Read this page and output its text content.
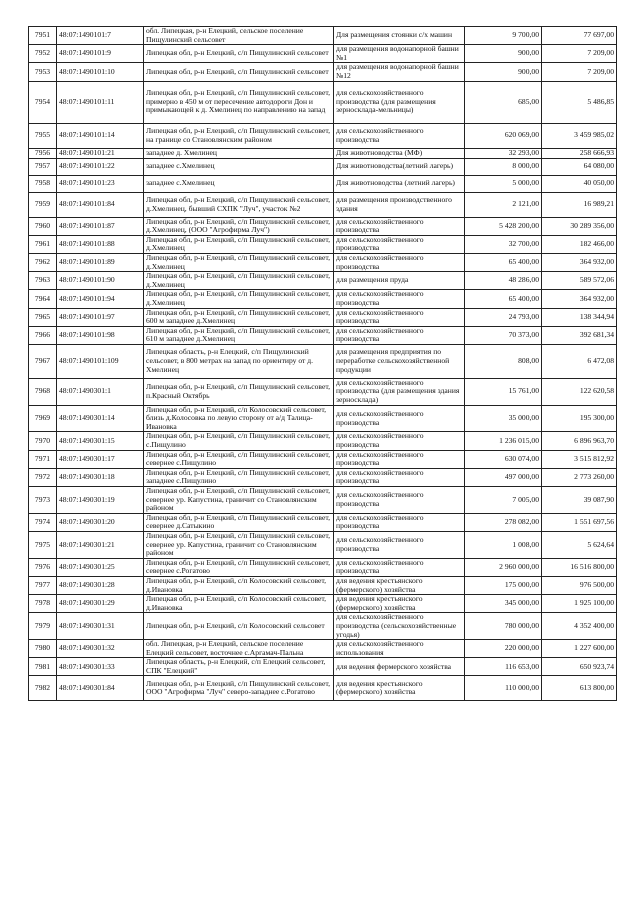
7951	48:07:1490101:7	обл. Липецкая, р-н Елецкий, сельское поселение Пищулинский сельсовет	Для размещения стоянки с/х машин	9 700,00	77 697,00
7952	48:07:1490101:9	Липецкая обл, р-н Елецкий, с/п Пищулинский сельсовет	для размещения водонапорной башни №1	900,00	7 209,00
7953	48:07:1490101:10	Липецкая обл, р-н Елецкий, с/п Пищулинский сельсовет	для размещения водонапорной башни №12	900,00	7 209,00
7954	48:07:1490101:11	Липецкая обл, р-н Елецкий, с/п Пищулинский сельсовет, примерно в 450 м от пересечение автодороги Дон и примыкающей к д. Хмелинец по направлению на запад	для сельскохозяйственного производства (для размещения зерносклада-мельницы)	685,00	5 486,85
7955	48:07:1490101:14	Липецкая обл, р-н Елецкий, с/п Пищулинский сельсовет, на границе со Становлянским районом	для сельскохозяйственного производства	620 069,00	3 459 985,02
7956	48:07:1490101:21	западнее д. Хмелинец	Для животноводства (МФ)	32 293,00	258 666,93
7957	48:07:1490101:22	западнее с.Хмелинец	Для животноводства(летний лагерь)	8 000,00	64 080,00
7958	48:07:1490101:23	западнее с.Хмелинец	Для животноводства (летний лагерь)	5 000,00	40 050,00
7959	48:07:1490101:84	Липецкая обл, р-н Елецкий, с/п Пищулинский сельсовет, д.Хмелинец, бывший СХПК "Луч", участок №2	для размещения производственного здания	2 121,00	16 989,21
7960	48:07:1490101:87	Липецкая обл, р-н Елецкий, с/п Пищулинский сельсовет, д.Хмелинец, (ООО "Агрофирма Луч")	для сельскохозяйственного производства	5 428 200,00	30 289 356,00
7961	48:07:1490101:88	Липецкая обл, р-н Елецкий, с/п Пищулинский сельсовет, д.Хмелинец	для сельскохозяйственного производства	32 700,00	182 466,00
7962	48:07:1490101:89	Липецкая обл, р-н Елецкий, с/п Пищулинский сельсовет, д.Хмелинец	для сельскохозяйственного производства	65 400,00	364 932,00
7963	48:07:1490101:90	Липецкая обл, р-н Елецкий, с/п Пищулинский сельсовет, д.Хмелинец	для размещения пруда	48 286,00	589 572,06
7964	48:07:1490101:94	Липецкая обл, р-н Елецкий, с/п Пищулинский сельсовет, д.Хмелинец	для сельскохозяйственного производства	65 400,00	364 932,00
7965	48:07:1490101:97	Липецкая обл, р-н Елецкий, с/п Пищулинский сельсовет, 600 м западнее д.Хмелинец	для сельскохозяйственного производства	24 793,00	138 344,94
7966	48:07:1490101:98	Липецкая обл, р-н Елецкий, с/п Пищулинский сельсовет, 610 м западнее д.Хмелинец	для сельскохозяйственного производства	70 373,00	392 681,34
7967	48:07:1490101:109	Липецкая область, р-н Елецкий, с/п Пищулинский сельсовет, в 800 метрах на запад по ориентиру от д. Хмелинец	для размещения предприятия по переработке сельскохозяйственной продукции	808,00	6 472,08
7968	48:07:1490301:1	Липецкая обл, р-н Елецкий, с/п Пищулинский сельсовет, п.Красный Октябрь	для сельскохозяйственного производства (для размещения здания зерносклада)	15 761,00	122 620,58
7969	48:07:1490301:14	Липецкая обл, р-н Елецкий, с/п Колосовский сельсовет, близь д.Колосовка по левую сторону от а/д Талица-Ивановка	для сельскохозяйственного производства	35 000,00	195 300,00
7970	48:07:1490301:15	Липецкая обл, р-н Елецкий, с/п Пищулинский сельсовет, с.Пищулино	для сельскохозяйственного производства	1 236 015,00	6 896 963,70
7971	48:07:1490301:17	Липецкая обл, р-н Елецкий, с/п Пищулинский сельсовет, севернее с.Пищулино	для сельскохозяйственного производства	630 074,00	3 515 812,92
7972	48:07:1490301:18	Липецкая обл, р-н Елецкий, с/п Пищулинский сельсовет, западнее с.Пищулино	для сельскохозяйственного производства	497 000,00	2 773 260,00
7973	48:07:1490301:19	Липецкая обл, р-н Елецкий, с/п Пищулинский сельсовет, севернее ур. Капустина, граничит со Становлянским районом	для сельскохозяйственного производства	7 005,00	39 087,90
7974	48:07:1490301:20	Липецкая обл, р-н Елецкий, с/п Пищулинский сельсовет, севернее д.Сатыкино	для сельскохозяйственного производства	278 082,00	1 551 697,56
7975	48:07:1490301:21	Липецкая обл, р-н Елецкий, с/п Пищулинский сельсовет, севернее ур. Капустина, граничит со Становлянским районом	для сельскохозяйственного производства	1 008,00	5 624,64
7976	48:07:1490301:25	Липецкая обл, р-н Елецкий, с/п Пищулинский сельсовет, севернее с.Рогатово	для сельскохозяйственного производства	2 960 000,00	16 516 800,00
7977	48:07:1490301:28	Липецкая обл, р-н Елецкий, с/п Колосовский сельсовет, д.Ивановка	для ведения крестьянского (фермерского) хозяйства	175 000,00	976 500,00
7978	48:07:1490301:29	Липецкая обл, р-н Елецкий, с/п Колосовский сельсовет, д.Ивановка	для ведения крестьянского (фермерского) хозяйства	345 000,00	1 925 100,00
7979	48:07:1490301:31	Липецкая обл, р-н Елецкий, с/п Колосовский сельсовет	для сельскохозяйственного производства (сельскохозяйственные угодья)	780 000,00	4 352 400,00
7980	48:07:1490301:32	обл. Липецкая, р-н Елецкий, сельское поселение Елецкий сельсовет, восточнее с.Аргамач-Пальна	для сельскохозяйственного использования	220 000,00	1 227 600,00
7981	48:07:1490301:33	Липецкая область, р-н Елецкий, с/п Елецкий сельсовет, СПК "Елецкий"	для ведения фермерского хозяйства	116 653,00	650 923,74
7982	48:07:1490301:84	Липецкая обл, р-н Елецкий, с/п Пищулинский сельсовет, ООО "Агрофирма "Луч" северо-западнее с.Рогатово	для ведения крестьянского (фермерского) хозяйства	110 000,00	613 800,00
